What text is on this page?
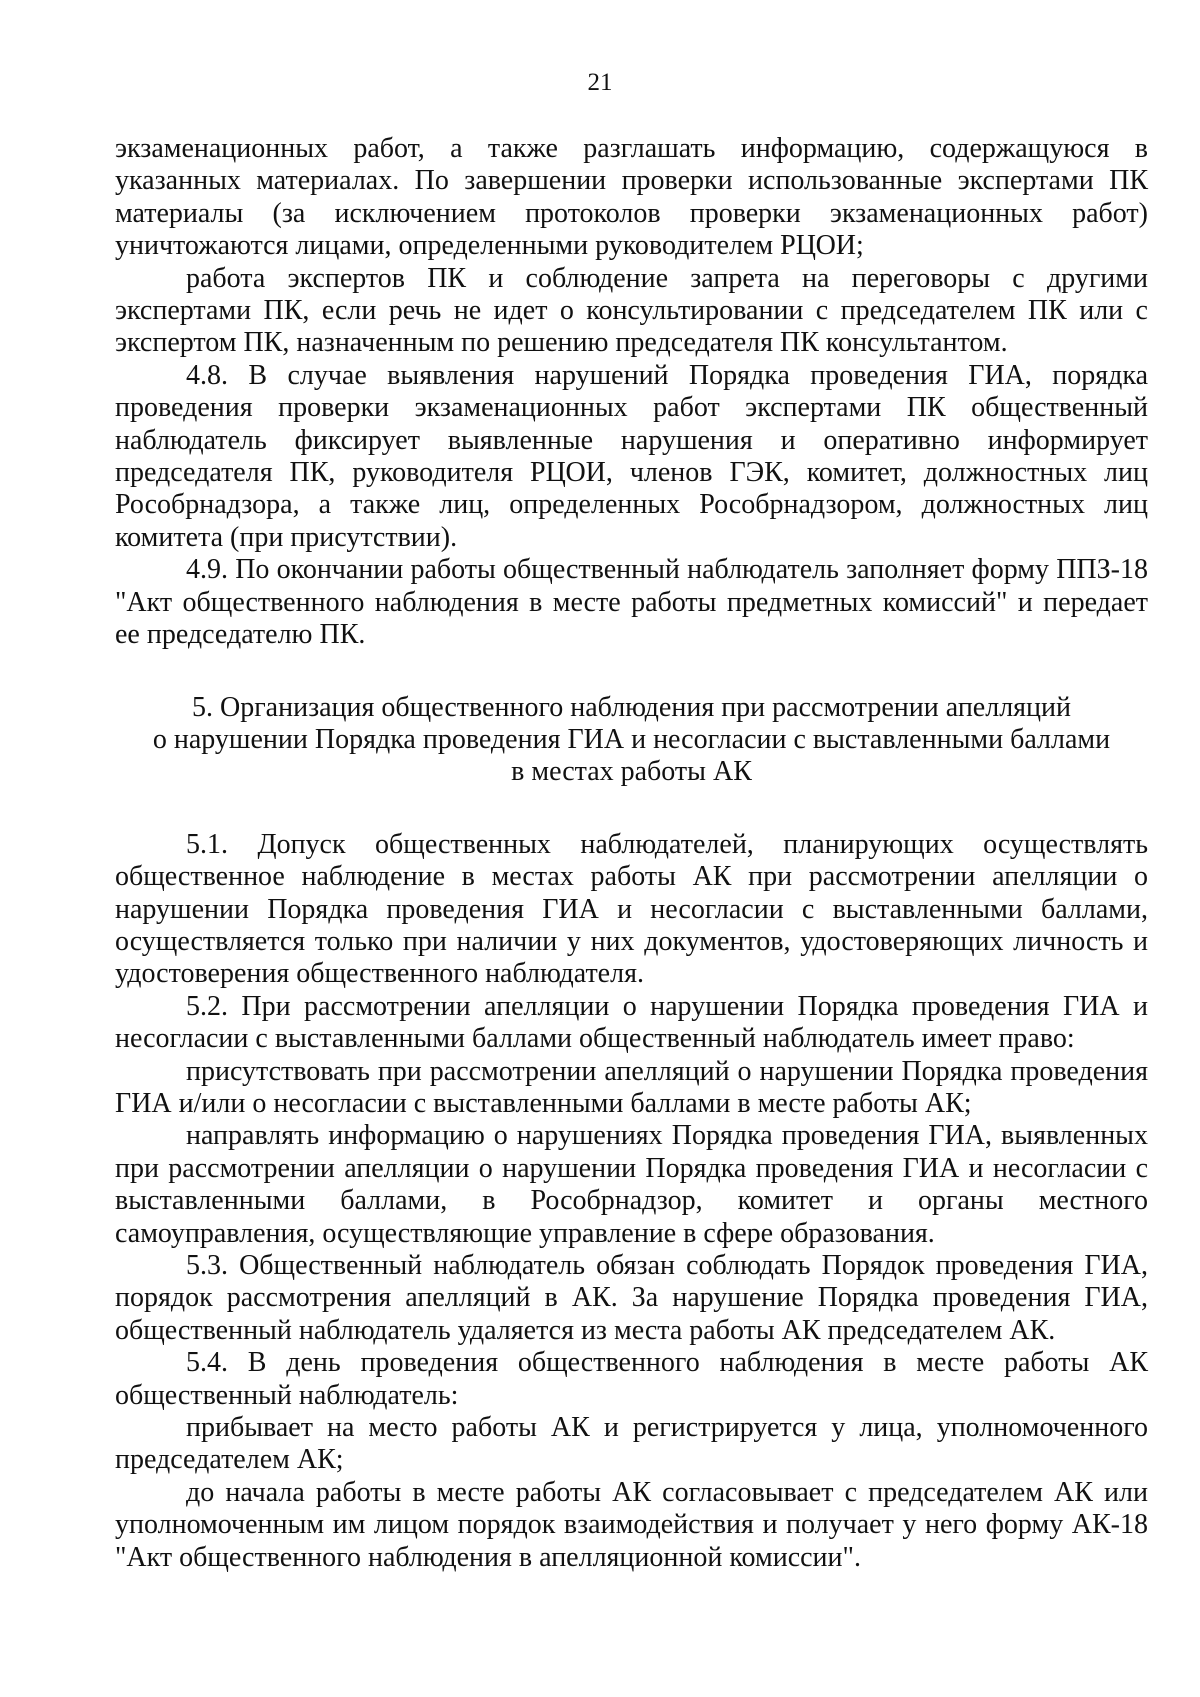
21

экзаменационных работ, а также разглашать информацию, содержащуюся в указанных материалах. По завершении проверки использованные экспертами ПК материалы (за исключением протоколов проверки экзаменационных работ) уничтожаются лицами, определенными руководителем РЦОИ;

работа экспертов ПК и соблюдение запрета на переговоры с другими экспертами ПК, если речь не идет о консультировании с председателем ПК или с экспертом ПК, назначенным по решению председателя ПК консультантом.

4.8. В случае выявления нарушений Порядка проведения ГИА, порядка проведения проверки экзаменационных работ экспертами ПК общественный наблюдатель фиксирует выявленные нарушения и оперативно информирует председателя ПК, руководителя РЦОИ, членов ГЭК, комитет, должностных лиц Рособрнадзора, а также лиц, определенных Рособрнадзором, должностных лиц комитета (при присутствии).

4.9. По окончании работы общественный наблюдатель заполняет форму ППЗ-18 "Акт общественного наблюдения в месте работы предметных комиссий" и передает ее председателю ПК.

5. Организация общественного наблюдения при рассмотрении апелляций
о нарушении Порядка проведения ГИА и несогласии с выставленными баллами
в местах работы АК

5.1. Допуск общественных наблюдателей, планирующих осуществлять общественное наблюдение в местах работы АК при рассмотрении апелляции о нарушении Порядка проведения ГИА и несогласии с выставленными баллами, осуществляется только при наличии у них документов, удостоверяющих личность и удостоверения общественного наблюдателя.

5.2. При рассмотрении апелляции о нарушении Порядка проведения ГИА и несогласии с выставленными баллами общественный наблюдатель имеет право:

присутствовать при рассмотрении апелляций о нарушении Порядка проведения ГИА и/или о несогласии с выставленными баллами в месте работы АК;

направлять информацию о нарушениях Порядка проведения ГИА, выявленных при рассмотрении апелляции о нарушении Порядка проведения ГИА и несогласии с выставленными баллами, в Рособрнадзор, комитет и органы местного самоуправления, осуществляющие управление в сфере образования.

5.3. Общественный наблюдатель обязан соблюдать Порядок проведения ГИА, порядок рассмотрения апелляций в АК. За нарушение Порядка проведения ГИА, общественный наблюдатель удаляется из места работы АК председателем АК.

5.4. В день проведения общественного наблюдения в месте работы АК общественный наблюдатель:

прибывает на место работы АК и регистрируется у лица, уполномоченного председателем АК;

до начала работы в месте работы АК согласовывает с председателем АК или уполномоченным им лицом порядок взаимодействия и получает у него форму АК-18 "Акт общественного наблюдения в апелляционной комиссии".
